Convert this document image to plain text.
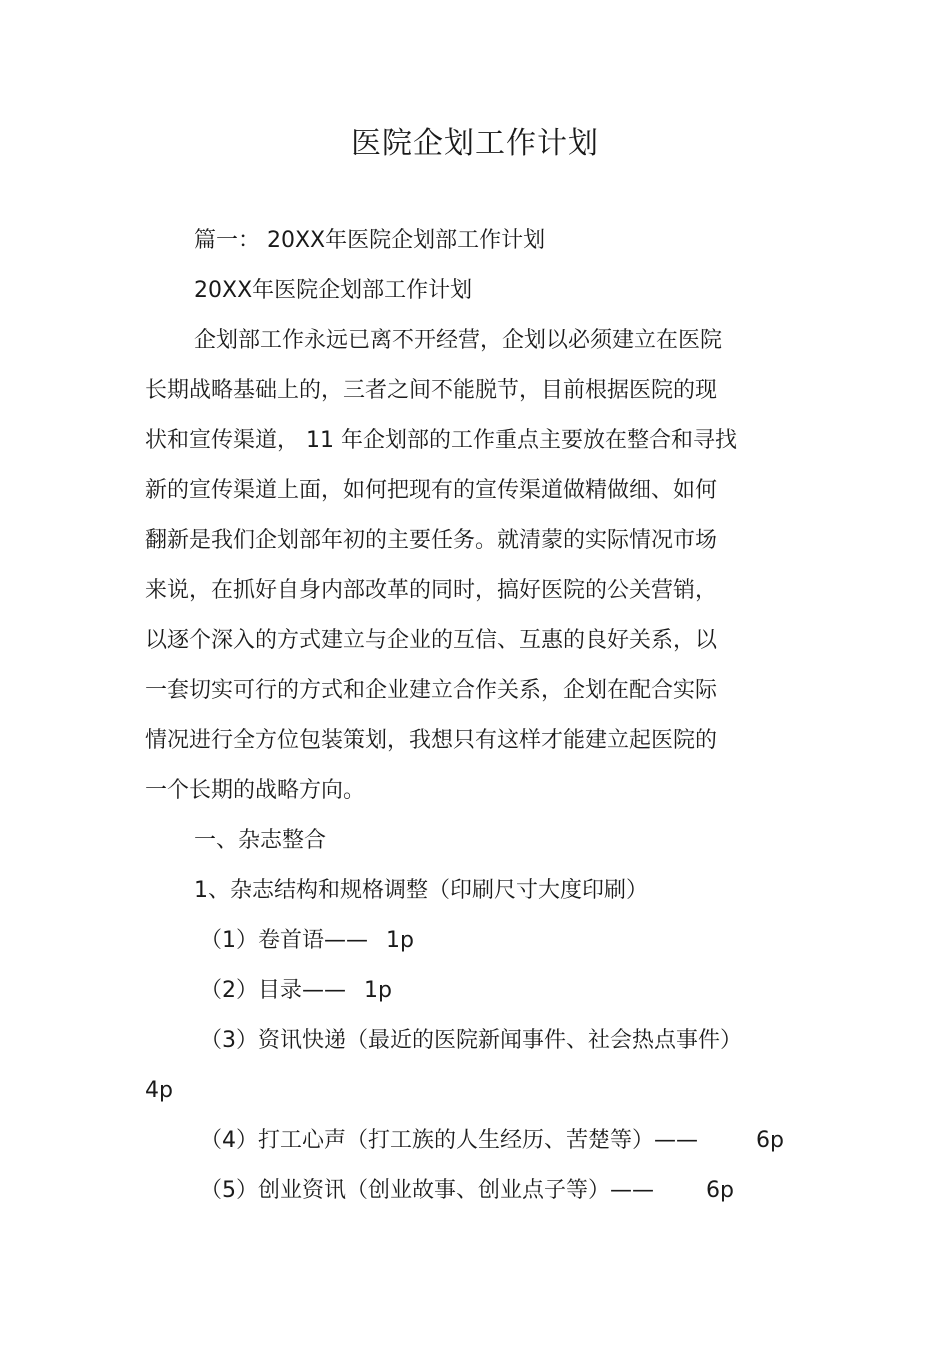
医院企划工作计划
篇一： 20XX年医院企划部工作计划
20XX年医院企划部工作计划
企划部工作永远已离不开经营，企划以必须建立在医院
长期战略基础上的，三者之间不能脱节，目前根据医院的现
状和宣传渠道， 11 年企划部的工作重点主要放在整合和寻找
新的宣传渠道上面，如何把现有的宣传渠道做精做细、如何
翻新是我们企划部年初的主要任务。就清蒙的实际情况市场
来说，在抓好自身内部改革的同时，搞好医院的公关营销，
以逐个深入的方式建立与企业的互信、互惠的良好关系，以
一套切实可行的方式和企业建立合作关系，企划在配合实际
情况进行全方位包装策划，我想只有这样才能建立起医院的
一个长期的战略方向。
一、杂志整合
1、杂志结构和规格调整（印刷尺寸大度印刷）
（1）卷首语—— 1p
（2）目录—— 1p
（3）资讯快递（最近的医院新闻事件、社会热点事件）
4p
（4）打工心声（打工族的人生经历、苦楚等）——	6p
（5）创业资讯（创业故事、创业点子等）—— 6p
